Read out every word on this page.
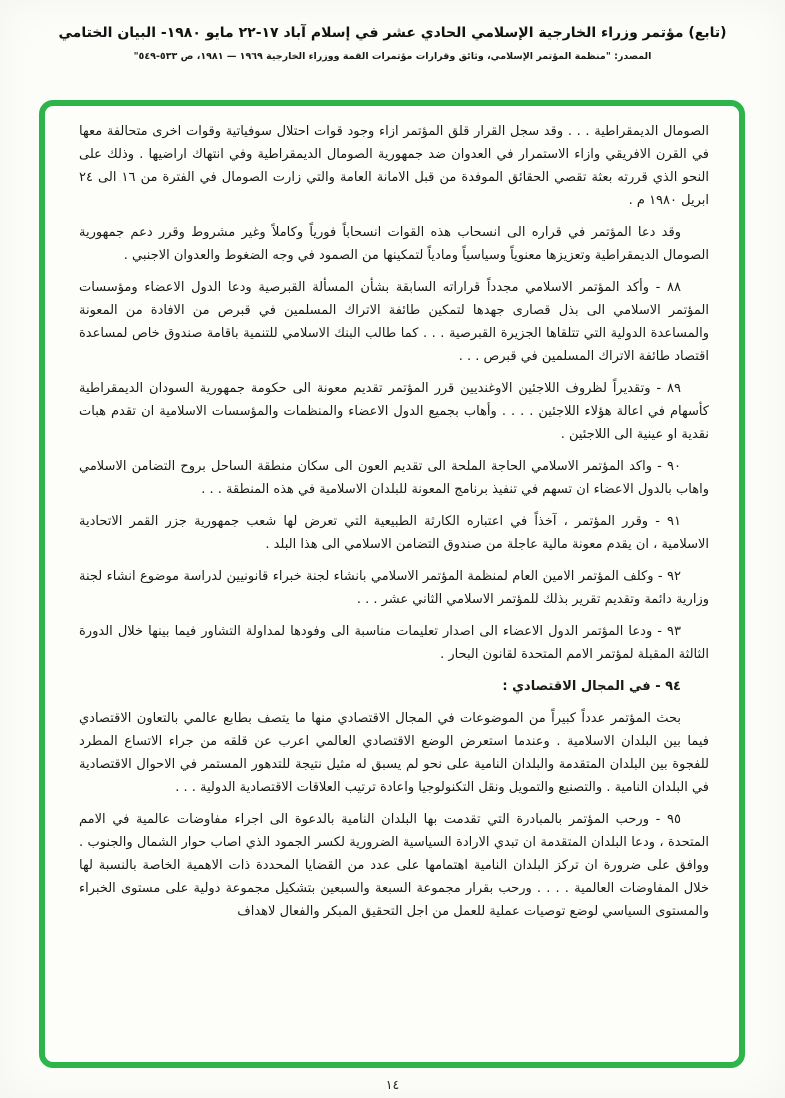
(تابع) مؤتمر وزراء الخارجية الإسلامي الحادي عشر في إسلام آباد ١٧-٢٢ مايو ١٩٨٠- البيان الختامي
المصدر: "منظمة المؤتمر الإسلامي، وثائق وقرارات مؤتمرات القمة ووزراء الخارجية ١٩٦٩ — ١٩٨١، ص ٥٣٣-٥٤٩"

الصومال الديمقراطية . . . وقد سجل القرار قلق المؤتمر ازاء وجود قوات احتلال سوفياتية وقوات اخرى متحالفة معها في القرن الافريقي وازاء الاستمرار في العدوان ضد جمهورية الصومال الديمقراطية وفي انتهاك اراضيها . وذلك على النحو الذي قررته بعثة تقصي الحقائق الموفدة من قبل الامانة العامة والتي زارت الصومال في الفترة من ١٦ الى ٢٤ ابريل ١٩٨٠ م .

وقد دعا المؤتمر في قراره الى انسحاب هذه القوات انسحاباً فورياً وكاملاً وغير مشروط وقرر دعم جمهورية الصومال الديمقراطية وتعزيزها معنوياً وسياسياً ومادياً لتمكينها من الصمود في وجه الضغوط والعدوان الاجنبي .

٨٨ - وأكد المؤتمر الاسلامي مجدداً قراراته السابقة بشأن المسألة القبرصية ودعا الدول الاعضاء ومؤسسات المؤتمر الاسلامي الى بذل قصارى جهدها لتمكين طائفة الاتراك المسلمين في قبرص من الافادة من المعونة والمساعدة الدولية التي تتلقاها الجزيرة القبرصية . . . كما طالب البنك الاسلامي للتنمية باقامة صندوق خاص لمساعدة اقتصاد طائفة الاتراك المسلمين في قبرص . . .

٨٩ - وتقديراً لظروف اللاجئين الاوغنديين قرر المؤتمر تقديم معونة الى حكومة جمهورية السودان الديمقراطية كأسهام في اعالة هؤلاء اللاجئين . . . . وأهاب بجميع الدول الاعضاء والمنظمات والمؤسسات الاسلامية ان تقدم هبات نقدية او عينية الى اللاجئين .

٩٠ - واكد المؤتمر الاسلامي الحاجة الملحة الى تقديم العون الى سكان منطقة الساحل بروح التضامن الاسلامي واهاب بالدول الاعضاء ان تسهم في تنفيذ برنامج المعونة للبلدان الاسلامية في هذه المنطقة . . .

٩١ - وقرر المؤتمر ، آخذاً في اعتباره الكارثة الطبيعية التي تعرض لها شعب جمهورية جزر القمر الاتحادية الاسلامية ، ان يقدم معونة مالية عاجلة من صندوق التضامن الاسلامي الى هذا البلد .

٩٢ - وكلف المؤتمر الامين العام لمنظمة المؤتمر الاسلامي بانشاء لجنة خبراء قانونيين لدراسة موضوع انشاء لجنة وزارية دائمة وتقديم تقرير بذلك للمؤتمر الاسلامي الثاني عشر . . .

٩٣ - ودعا المؤتمر الدول الاعضاء الى اصدار تعليمات مناسبة الى وفودها لمداولة التشاور فيما بينها خلال الدورة الثالثة المقبلة لمؤتمر الامم المتحدة لقانون البحار .

٩٤ - في المجال الاقتصادي :

بحث المؤتمر عدداً كبيراً من الموضوعات في المجال الاقتصادي منها ما يتصف بطابع عالمي بالتعاون الاقتصادي فيما بين البلدان الاسلامية . وعندما استعرض الوضع الاقتصادي العالمي اعرب عن قلقه من جراء الاتساع المطرد للفجوة بين البلدان المتقدمة والبلدان النامية على نحو لم يسبق له مثيل نتيجة للتدهور المستمر في الاحوال الاقتصادية في البلدان النامية . والتصنيع والتمويل ونقل التكنولوجيا واعادة ترتيب العلاقات الاقتصادية الدولية . . .

٩٥ - ورحب المؤتمر بالمبادرة التي تقدمت بها البلدان النامية بالدعوة الى اجراء مفاوضات عالمية في الامم المتحدة ، ودعا البلدان المتقدمة ان تبدي الارادة السياسية الضرورية لكسر الجمود الذي اصاب حوار الشمال والجنوب . ووافق على ضرورة ان تركز البلدان النامية اهتمامها على عدد من القضايا المحددة ذات الاهمية الخاصة بالنسبة لها خلال المفاوضات العالمية . . . . ورحب بقرار مجموعة السبعة والسبعين بتشكيل مجموعة دولية على مستوى الخبراء والمستوى السياسي لوضع توصيات عملية للعمل من اجل التحقيق المبكر والفعال لاهداف

١٤
